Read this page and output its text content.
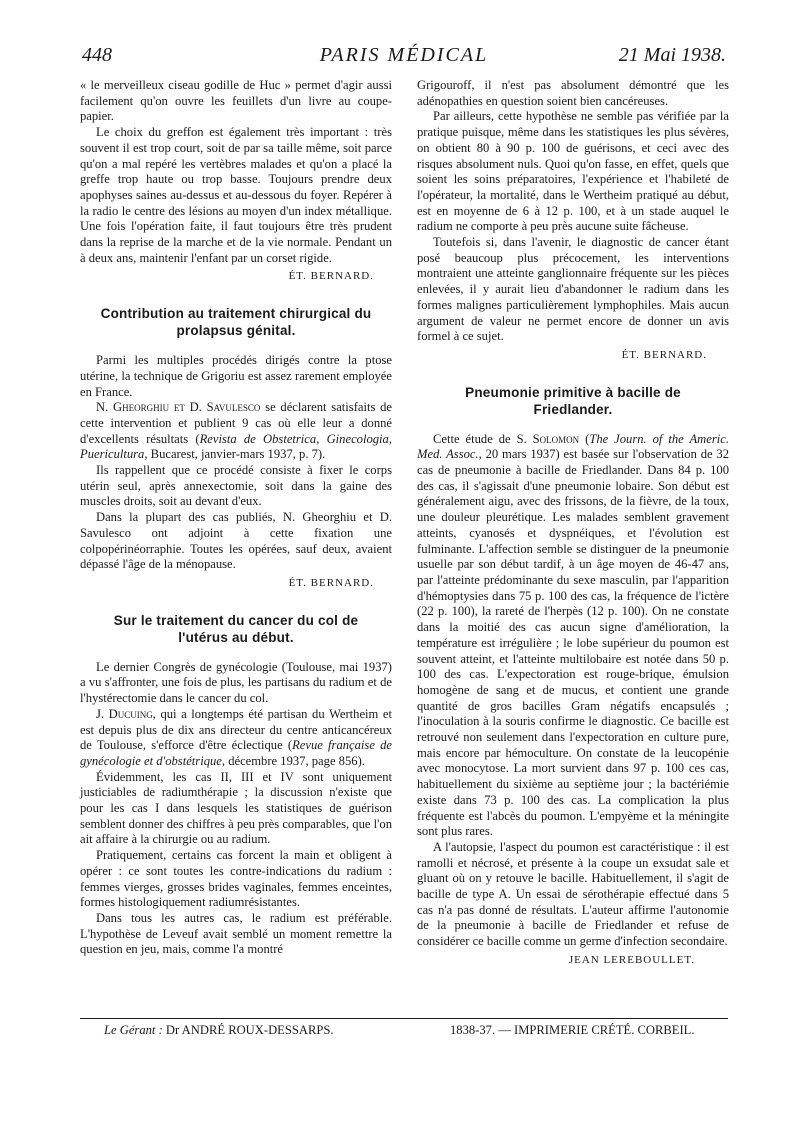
448	PARIS MÉDICAL	21 Mai 1938.

« le merveilleux ciseau godille de Huc » permet d'agir aussi facilement qu'on ouvre les feuillets d'un livre au coupe-papier.

Le choix du greffon est également très important : très souvent il est trop court, soit de par sa taille même, soit parce qu'on a mal repéré les vertèbres malades et qu'on a placé la greffe trop haute ou trop basse. Toujours prendre deux apophyses saines au-dessus et au-dessous du foyer. Repérer à la radio le centre des lésions au moyen d'un index métallique. Une fois l'opération faite, il faut toujours être très prudent dans la reprise de la marche et de la vie normale. Pendant un à deux ans, maintenir l'enfant par un corset rigide.

ÉT. BERNARD.
Contribution au traitement chirurgical du prolapsus génital.

Parmi les multiples procédés dirigés contre la ptose utérine, la technique de Grigoriu est assez rarement employée en France.

N. Gheorghiu et D. Savulesco se déclarent satisfaits de cette intervention et publient 9 cas où elle leur a donné d'excellents résultats (Revista de Obstetrica, Ginecologia, Puericultura, Bucarest, janvier-mars 1937, p. 7).

Ils rappellent que ce procédé consiste à fixer le corps utérin seul, après annexectomie, soit dans la gaine des muscles droits, soit au devant d'eux.

Dans la plupart des cas publiés, N. Gheorghiu et D. Savulesco ont adjoint à cette fixation une colpopérinéorraphie. Toutes les opérées, sauf deux, avaient dépassé l'âge de la ménopause.

ÉT. BERNARD.
Sur le traitement du cancer du col de l'utérus au début.

Le dernier Congrès de gynécologie (Toulouse, mai 1937) a vu s'affronter, une fois de plus, les partisans du radium et de l'hystérectomie dans le cancer du col.

J. Ducuing, qui a longtemps été partisan du Wertheim et est depuis plus de dix ans directeur du centre anticancéreux de Toulouse, s'efforce d'être éclectique (Revue française de gynécologie et d'obstétrique, décembre 1937, page 856).

Évidemment, les cas II, III et IV sont uniquement justiciables de radiumthérapie ; la discussion n'existe que pour les cas I dans lesquels les statistiques de guérison semblent donner des chiffres à peu près comparables, que l'on ait affaire à la chirurgie ou au radium.

Pratiquement, certains cas forcent la main et obligent à opérer : ce sont toutes les contre-indications du radium : femmes vierges, grosses brides vaginales, femmes enceintes, formes histologiquement radiumrésistantes.

Dans tous les autres cas, le radium est préférable. L'hypothèse de Leveuf avait semblé un moment remettre la question en jeu, mais, comme l'a montré

Grigouroff, il n'est pas absolument démontré que les adénopathies en question soient bien cancéreuses.

Par ailleurs, cette hypothèse ne semble pas vérifiée par la pratique puisque, même dans les statistiques les plus sévères, on obtient 80 à 90 p. 100 de guérisons, et ceci avec des risques absolument nuls. Quoi qu'on fasse, en effet, quels que soient les soins préparatoires, l'expérience et l'habileté de l'opérateur, la mortalité, dans le Wertheim pratiqué au début, est en moyenne de 6 à 12 p. 100, et à un stade auquel le radium ne comporte à peu près aucune suite fâcheuse.

Toutefois si, dans l'avenir, le diagnostic de cancer étant posé beaucoup plus précocement, les interventions montraient une atteinte ganglionnaire fréquente sur les pièces enlevées, il y aurait lieu d'abandonner le radium dans les formes malignes particulièrement lymphophiles. Mais aucun argument de valeur ne permet encore de donner un avis formel à ce sujet.

ÉT. BERNARD.
Pneumonie primitive à bacille de Friedlander.

Cette étude de S. Solomon (The Journ. of the Americ. Med. Assoc., 20 mars 1937) est basée sur l'observation de 32 cas de pneumonie à bacille de Friedlander. Dans 84 p. 100 des cas, il s'agissait d'une pneumonie lobaire. Son début est généralement aigu, avec des frissons, de la fièvre, de la toux, une douleur pleurétique. Les malades semblent gravement atteints, cyanosés et dyspnéiques, et l'évolution est fulminante. L'affection semble se distinguer de la pneumonie usuelle par son début tardif, à un âge moyen de 46-47 ans, par l'atteinte prédominante du sexe masculin, par l'apparition d'hémoptysies dans 75 p. 100 des cas, la fréquence de l'ictère (22 p. 100), la rareté de l'herpès (12 p. 100). On ne constate dans la moitié des cas aucun signe d'amélioration, la température est irrégulière ; le lobe supérieur du poumon est souvent atteint, et l'atteinte multilobaire est notée dans 50 p. 100 des cas. L'expectoration est rouge-brique, émulsion homogène de sang et de mucus, et contient une grande quantité de gros bacilles Gram négatifs encapsulés ; l'inoculation à la souris confirme le diagnostic. Ce bacille est retrouvé non seulement dans l'expectoration en culture pure, mais encore par hémoculture. On constate de la leucopénie avec monocytose. La mort survient dans 97 p. 100 ces cas, habituellement du sixième au septième jour ; la bactériémie existe dans 73 p. 100 des cas. La complication la plus fréquente est l'abcès du poumon. L'empyème et la méningite sont plus rares.

A l'autopsie, l'aspect du poumon est caractéristique : il est ramolli et nécrosé, et présente à la coupe un exsudat sale et gluant où on y retouve le bacille. Habituellement, il s'agit de bacille de type A. Un essai de sérothérapie effectué dans 5 cas n'a pas donné de résultats. L'auteur affirme l'autonomie de la pneumonie à bacille de Friedlander et refuse de considérer ce bacille comme un germe d'infection secondaire.

JEAN LEREBOULLET.
Le Gérant : Dr ANDRÉ ROUX-DESSARPS.	1838-37. — IMPRIMERIE CRÉTÉ. CORBEIL.
